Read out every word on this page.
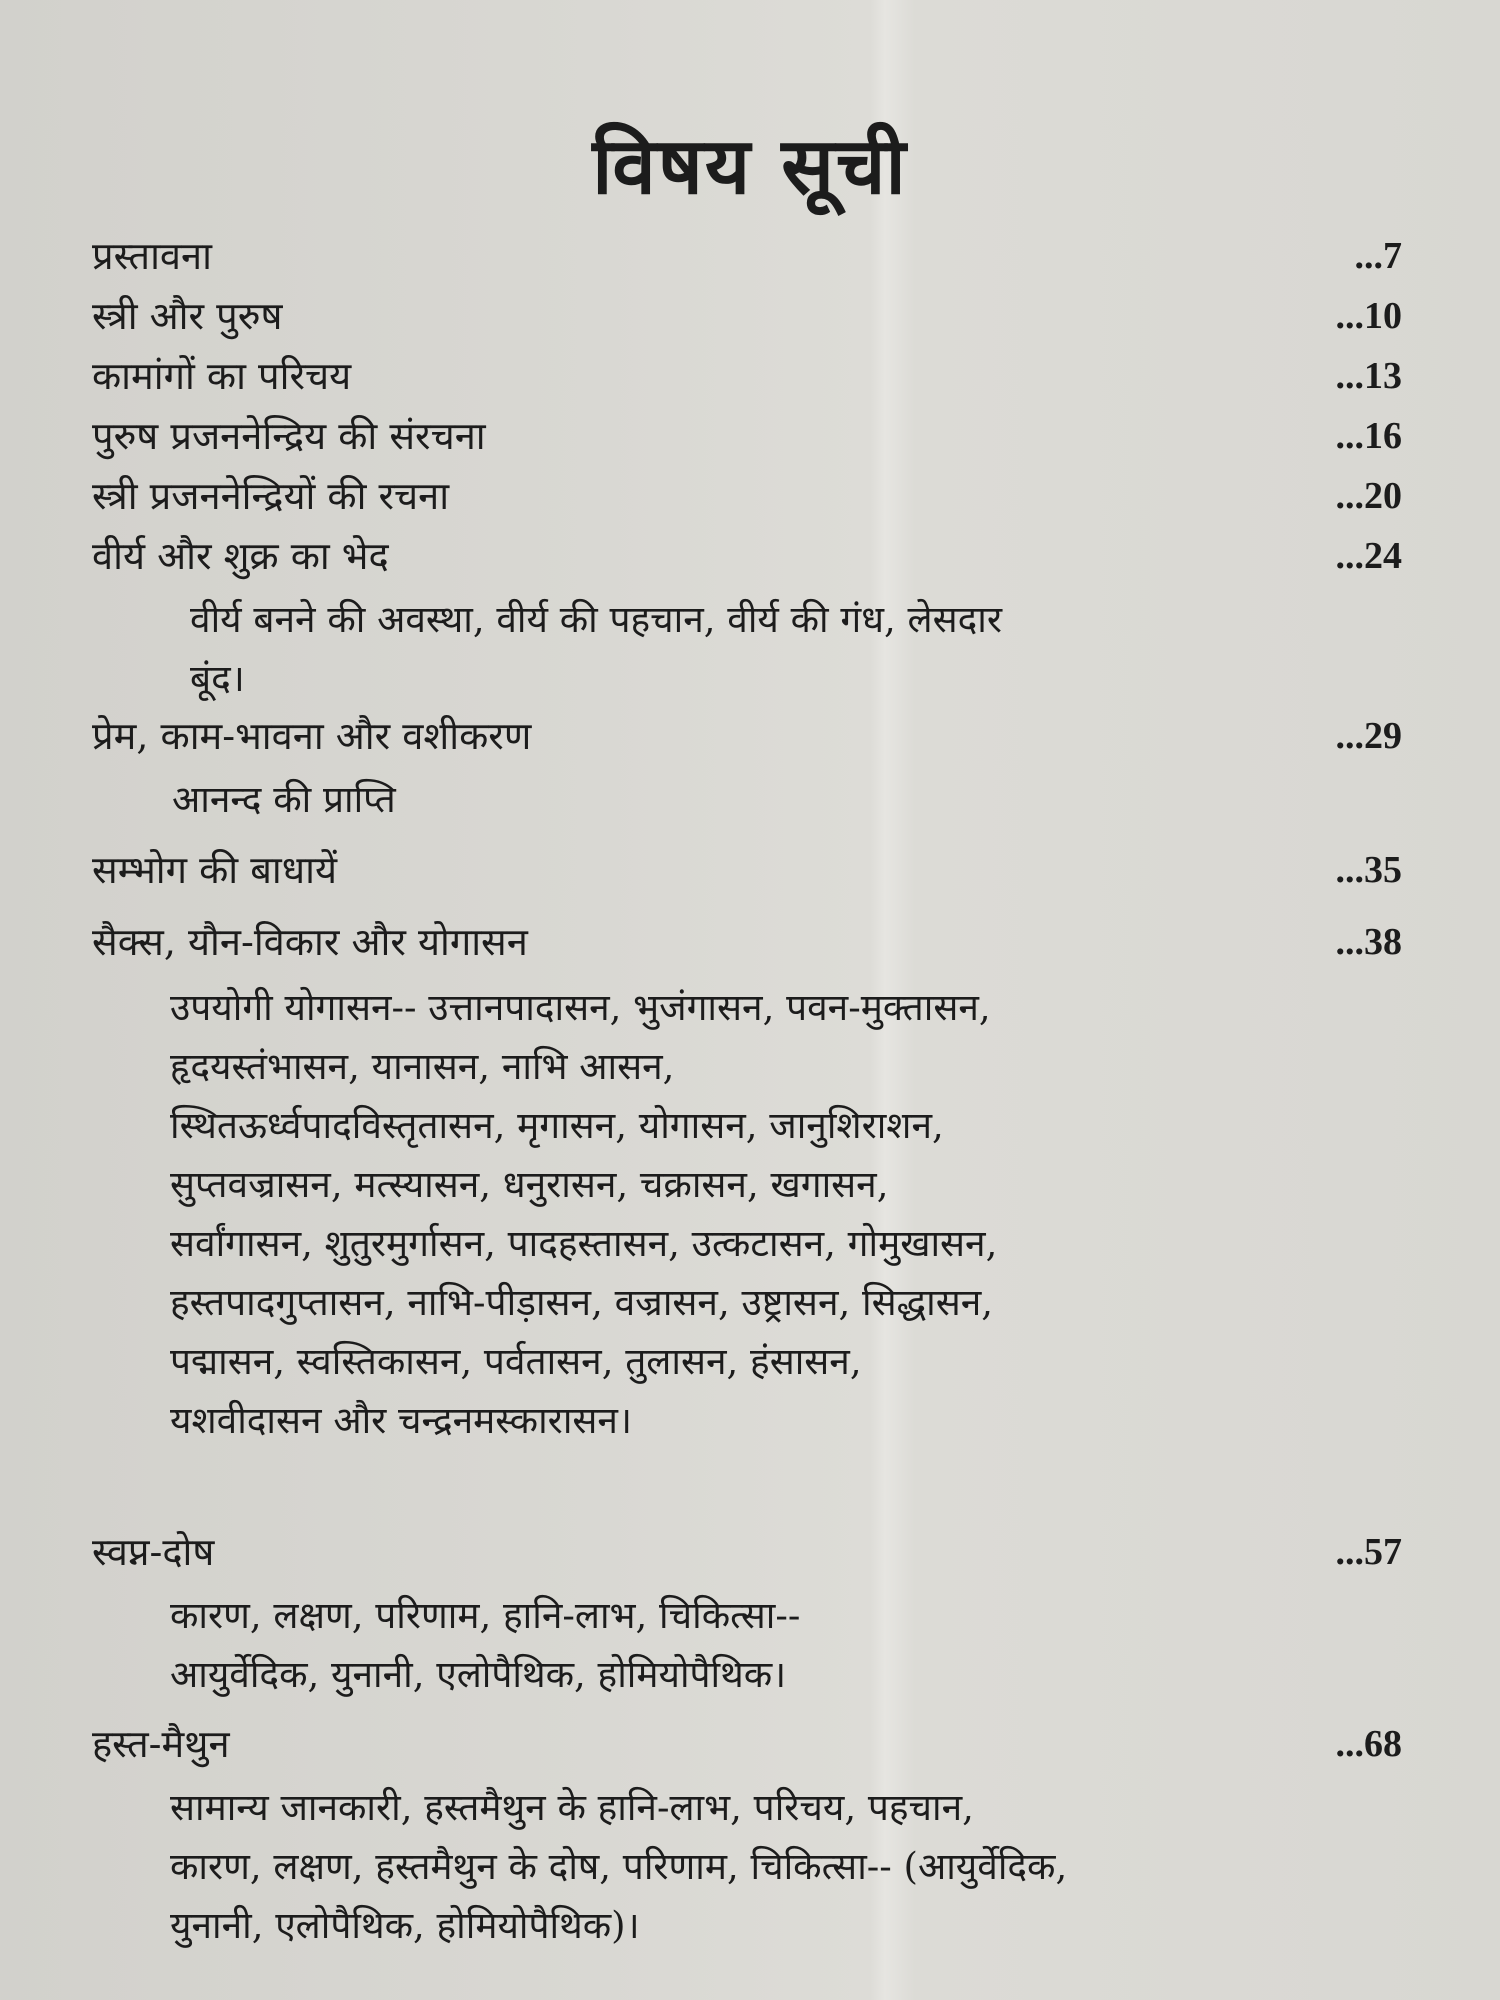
विषय सूची
प्रस्तावना	...7
स्त्री और पुरुष	...10
कामांगों का परिचय	...13
पुरुष प्रजननेन्द्रिय की संरचना	...16
स्त्री प्रजननेन्द्रियों की रचना	...20
वीर्य और शुक्र का भेद	...24
वीर्य बनने की अवस्था, वीर्य की पहचान, वीर्य की गंध, लेसदार बूंद।
प्रेम, काम-भावना और वशीकरण	...29
आनन्द की प्राप्ति
सम्भोग की बाधायें	...35
सैक्स, यौन-विकार और योगासन	...38
उपयोगी योगासन-- उत्तानपादासन, भुजंगासन, पवन-मुक्तासन, हृदयस्तंभासन, यानासन, नाभि आसन, स्थितऊर्ध्वपादविस्तृतासन, मृगासन, योगासन, जानुशिराशन, सुप्तवज्रासन, मत्स्यासन, धनुरासन, चक्रासन, खगासन, सर्वांगासन, शुतुरमुर्गासन, पादहस्तासन, उत्कटासन, गोमुखासन, हस्तपादगुप्तासन, नाभि-पीड़ासन, वज्रासन, उष्ट्रासन, सिद्धासन, पद्मासन, स्वस्तिकासन, पर्वतासन, तुलासन, हंसासन, यशवीदासन और चन्द्रनमस्कारासन।
स्वप्न-दोष	...57
कारण, लक्षण, परिणाम, हानि-लाभ, चिकित्सा-- आयुर्वेदिक, युनानी, एलोपैथिक, होमियोपैथिक।
हस्त-मैथुन	...68
सामान्य जानकारी, हस्तमैथुन के हानि-लाभ, परिचय, पहचान, कारण, लक्षण, हस्तमैथुन के दोष, परिणाम, चिकित्सा-- (आयुर्वेदिक, युनानी, एलोपैथिक, होमियोपैथिक)।
